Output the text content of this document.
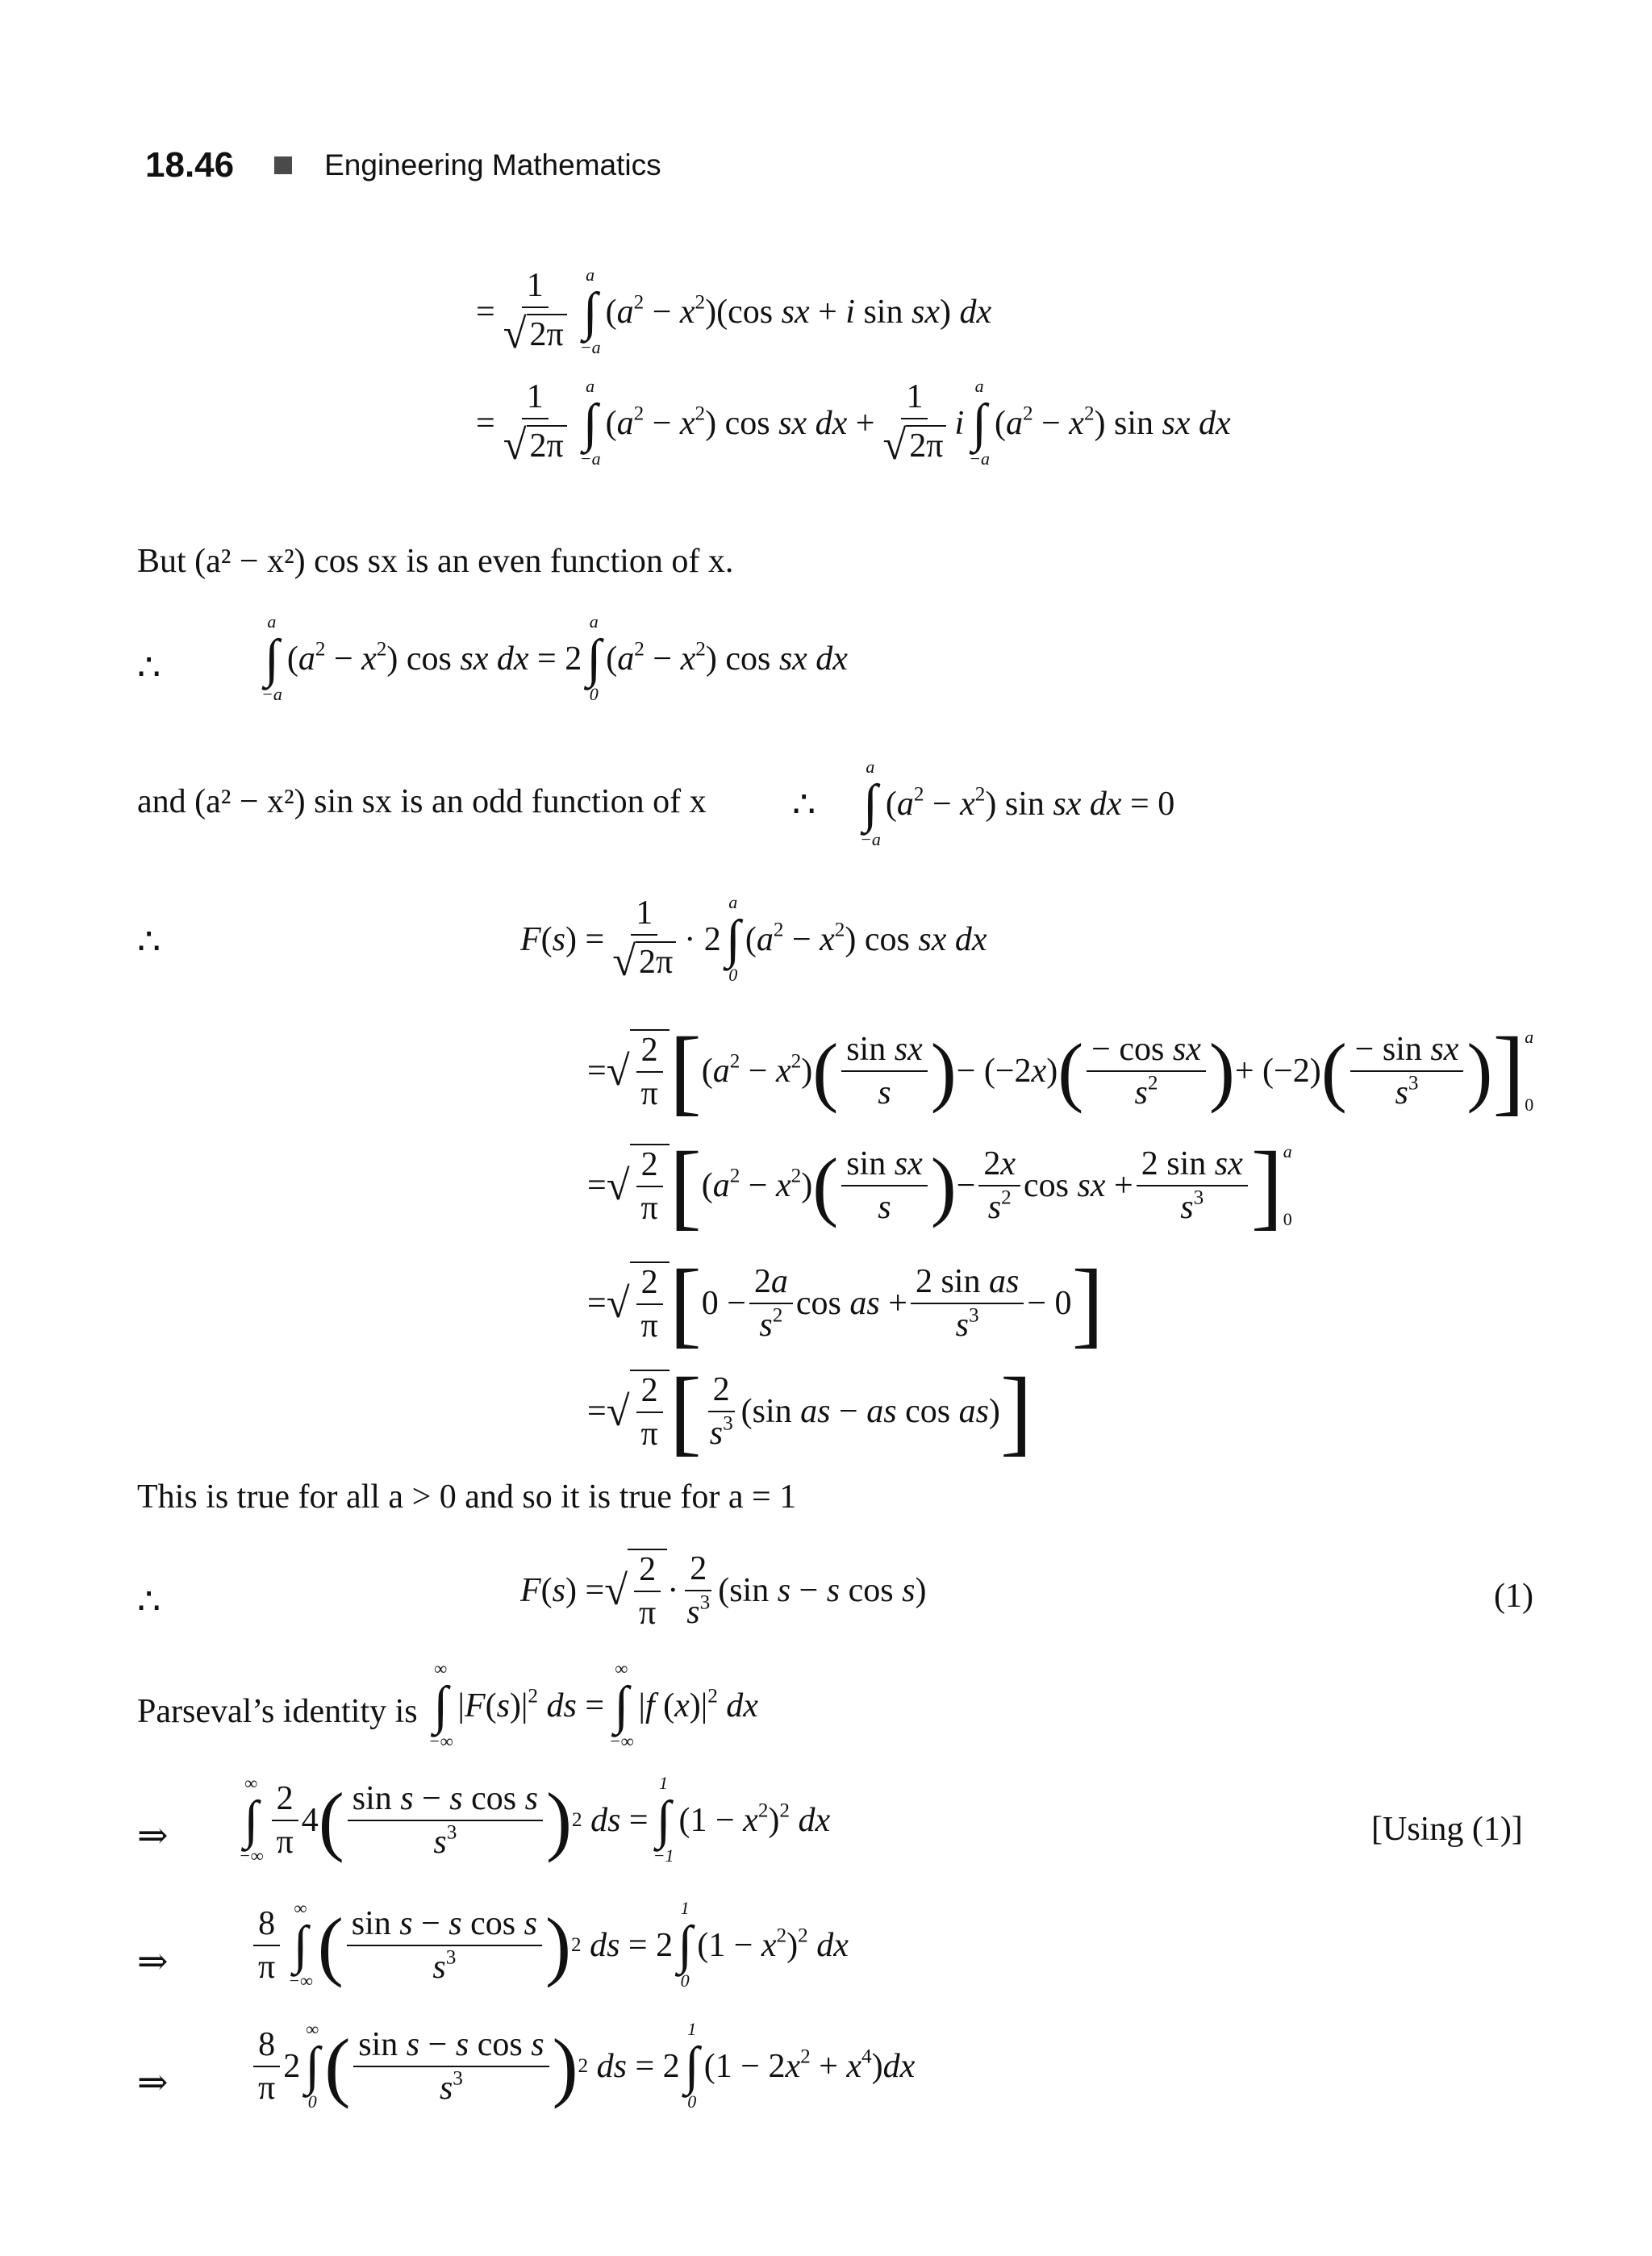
18.46	Engineering Mathematics
= $\frac{1}{√ 2\pi}$ a
∫
−a
$(a^2 - x^2)(\cos$ sx + i sin sx) dx
= $\frac{1}{√ 2\pi}$ a
∫
−a
$(a^2 - x^2)$ cos sx dx + $\frac{1}{√ 2\pi}$ i
a
∫
−a
$(a^2 - x^2)$ sin sx dx
But (a² − x²) cos sx is an even function of x.
∴
a
∫
−a
$(a^2 - x^2)$ cos sx dx = 2
a
∫
0
$(a^2 - x^2)$ cos sx dx
and (a² − x²) sin sx is an odd function of x ∴
a
∫
−a
$(a^2 - x^2)$ sin sx dx = 0
∴	$F(s) = \frac{1}{√ 2\pi} \cdot 2$
a
∫
0
$(a^2 - x^2)$ cos sx dx
= √ $\frac{2}{\pi}$ [ $(a^2 - x^2)$ ( $\frac{\text{sin sx}}{s}$ ) − (−2x) ( $\frac{\text{− cos sx}}{s^2}$ ) + (−2) ( $\frac{\text{− sin sx}}{s^3}$ ) ] a
0
= √ $\frac{2}{\pi}$ [ $(a^2 - x^2)$ ( $\frac{\text{sin sx}}{s}$ ) − $\frac{2x}{s^2}$ cos sx + $\frac{\text{2 sin sx}}{s^3}$ ] a
0
= √ $\frac{2}{\pi}$ [ $0 - \frac{2a}{s^2}$ cos as + $\frac{\text{2 sin as}}{s^3} - 0$ ]
= √ $\frac{2}{\pi}$ [ $\frac{2}{s^3} (\sin$ as − as cos as) ]
This is true for all a > 0 and so it is true for a = 1
∴	F(s) = √ $\frac{2}{\pi} \cdot \frac{2}{s^3} (\sin$ s − s cos s)	(1)
Parseval’s identity is
∞
∫
−∞
$|F(s)|^2$ ds =
∞
∫
−∞
|f $(x)|^2$ dx
⇒
∞
∫
−∞ $\frac{2}{\pi} 4$ ( $\frac{\text{sin s − s cos s}}{s^3}$ ) 2 ds =
1
∫
−1
$(1 - x^2)^2$ dx	[Using (1)]
⇒	$\frac{8}{\pi}$ ∞
∫
−∞ ( $\frac{\text{sin s − s cos s}}{s^3}$ ) 2 ds = 2
1
∫
0
$(1 - x^2)^2$ dx
⇒	$\frac{8}{\pi} 2$
∞
∫
0 ( $\frac{\text{sin s − s cos s}}{s^3}$ ) 2 ds = 2
1
∫
0
$(1 - 2x^2 + x^4)dx$
